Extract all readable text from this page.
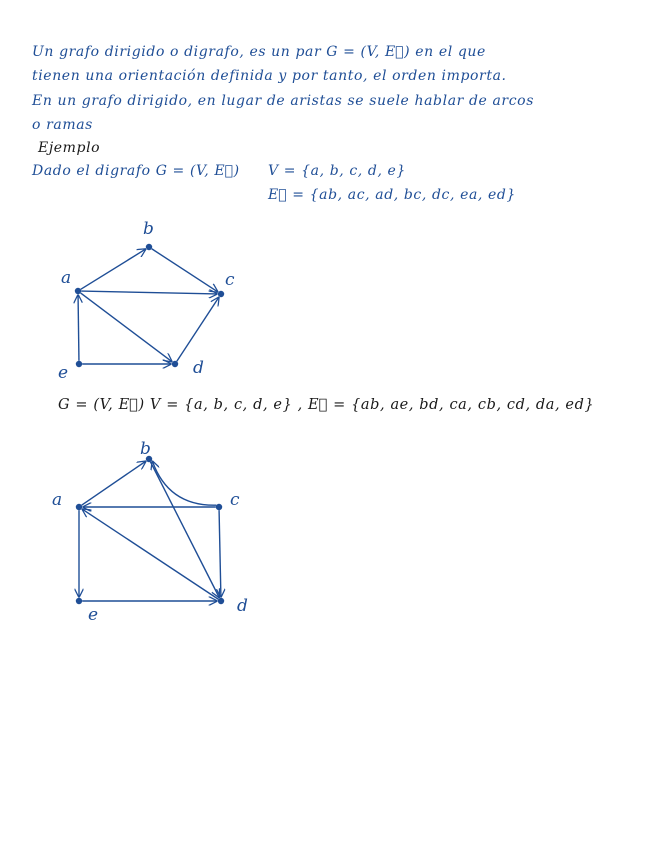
Un grafo dirigido o digrafo, es un par G = (V, E⃗) en el que
tienen una orientación definida y por tanto, el orden importa.
En un grafo dirigido, en lugar de aristas se suele hablar de arcos
o ramas
Ejemplo
Dado el digrafo G = (V, E⃗) V = {a, b, c, d, e}
E⃗ = {ab, ac, ad, bc, dc, ea, ed}
G = (V, E⃗) V = {a, b, c, d, e} , E⃗ = {ab, ae, bd, ca, cb, cd, da, ed}
a
b
c
d
e
a
b
c
d
e
